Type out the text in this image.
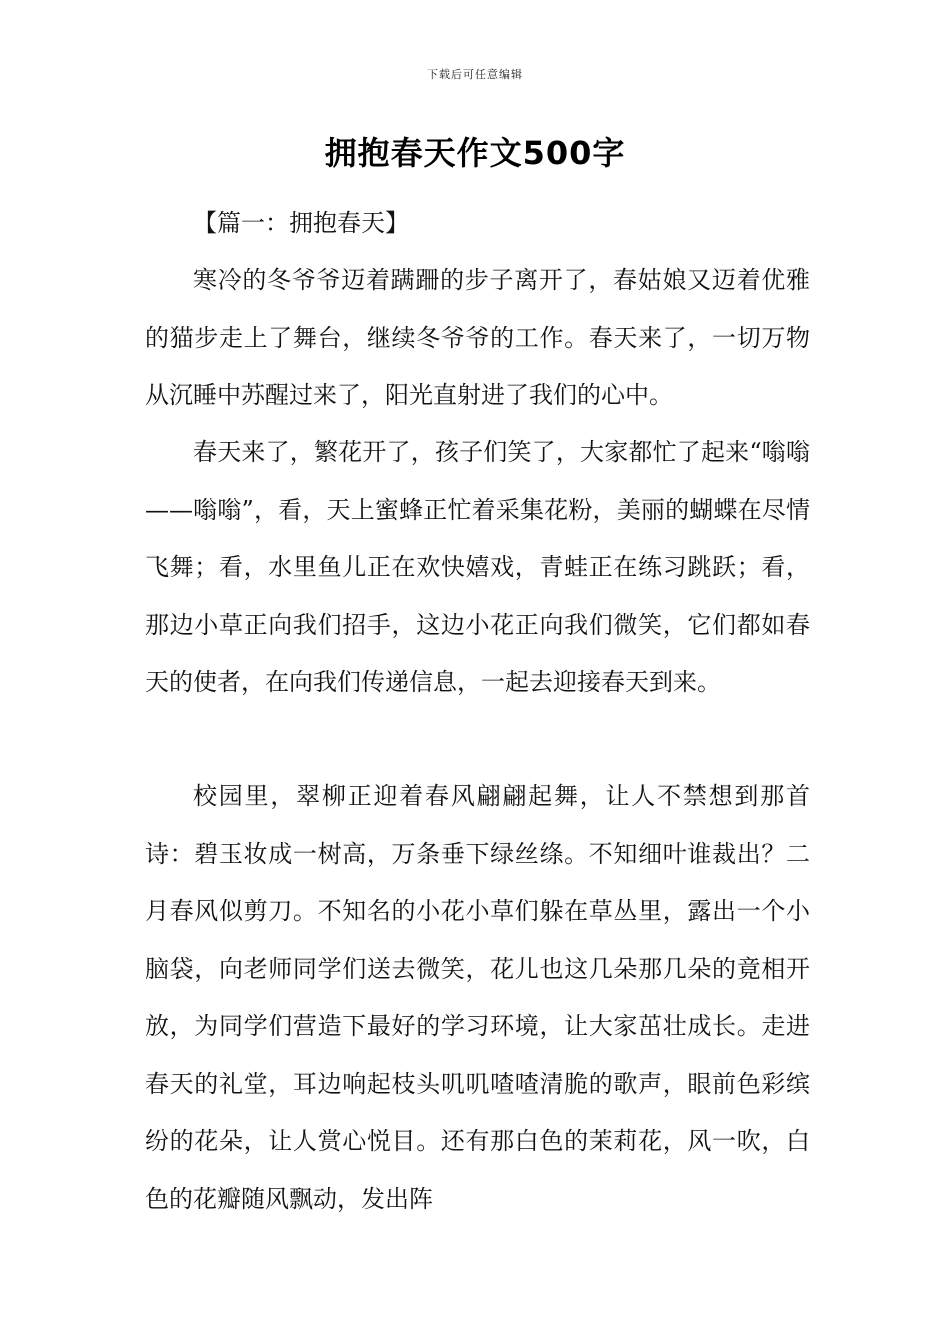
下载后可任意编辑
拥抱春天作文500字
【篇一：拥抱春天】

寒冷的冬爷爷迈着蹒跚的步子离开了，春姑娘又迈着优雅的猫步走上了舞台，继续冬爷爷的工作。春天来了，一切万物从沉睡中苏醒过来了，阳光直射进了我们的心中。

春天来了，繁花开了，孩子们笑了，大家都忙了起来“嗡嗡——嗡嗡”，看，天上蜜蜂正忙着采集花粉，美丽的蝴蝶在尽情飞舞；看，水里鱼儿正在欢快嬉戏，青蛙正在练习跳跃；看，那边小草正向我们招手，这边小花正向我们微笑，它们都如春天的使者，在向我们传递信息，一起去迎接春天到来。

校园里，翠柳正迎着春风翩翩起舞，让人不禁想到那首诗：碧玉妆成一树高，万条垂下绿丝绦。不知细叶谁裁出？二月春风似剪刀。不知名的小花小草们躲在草丛里，露出一个小脑袋，向老师同学们送去微笑，花儿也这几朵那几朵的竟相开放，为同学们营造下最好的学习环境，让大家茁壮成长。走进春天的礼堂，耳边响起枝头叽叽喳喳清脆的歌声，眼前色彩缤纷的花朵，让人赏心悦目。还有那白色的茉莉花，风一吹，白色的花瓣随风飘动，发出阵
